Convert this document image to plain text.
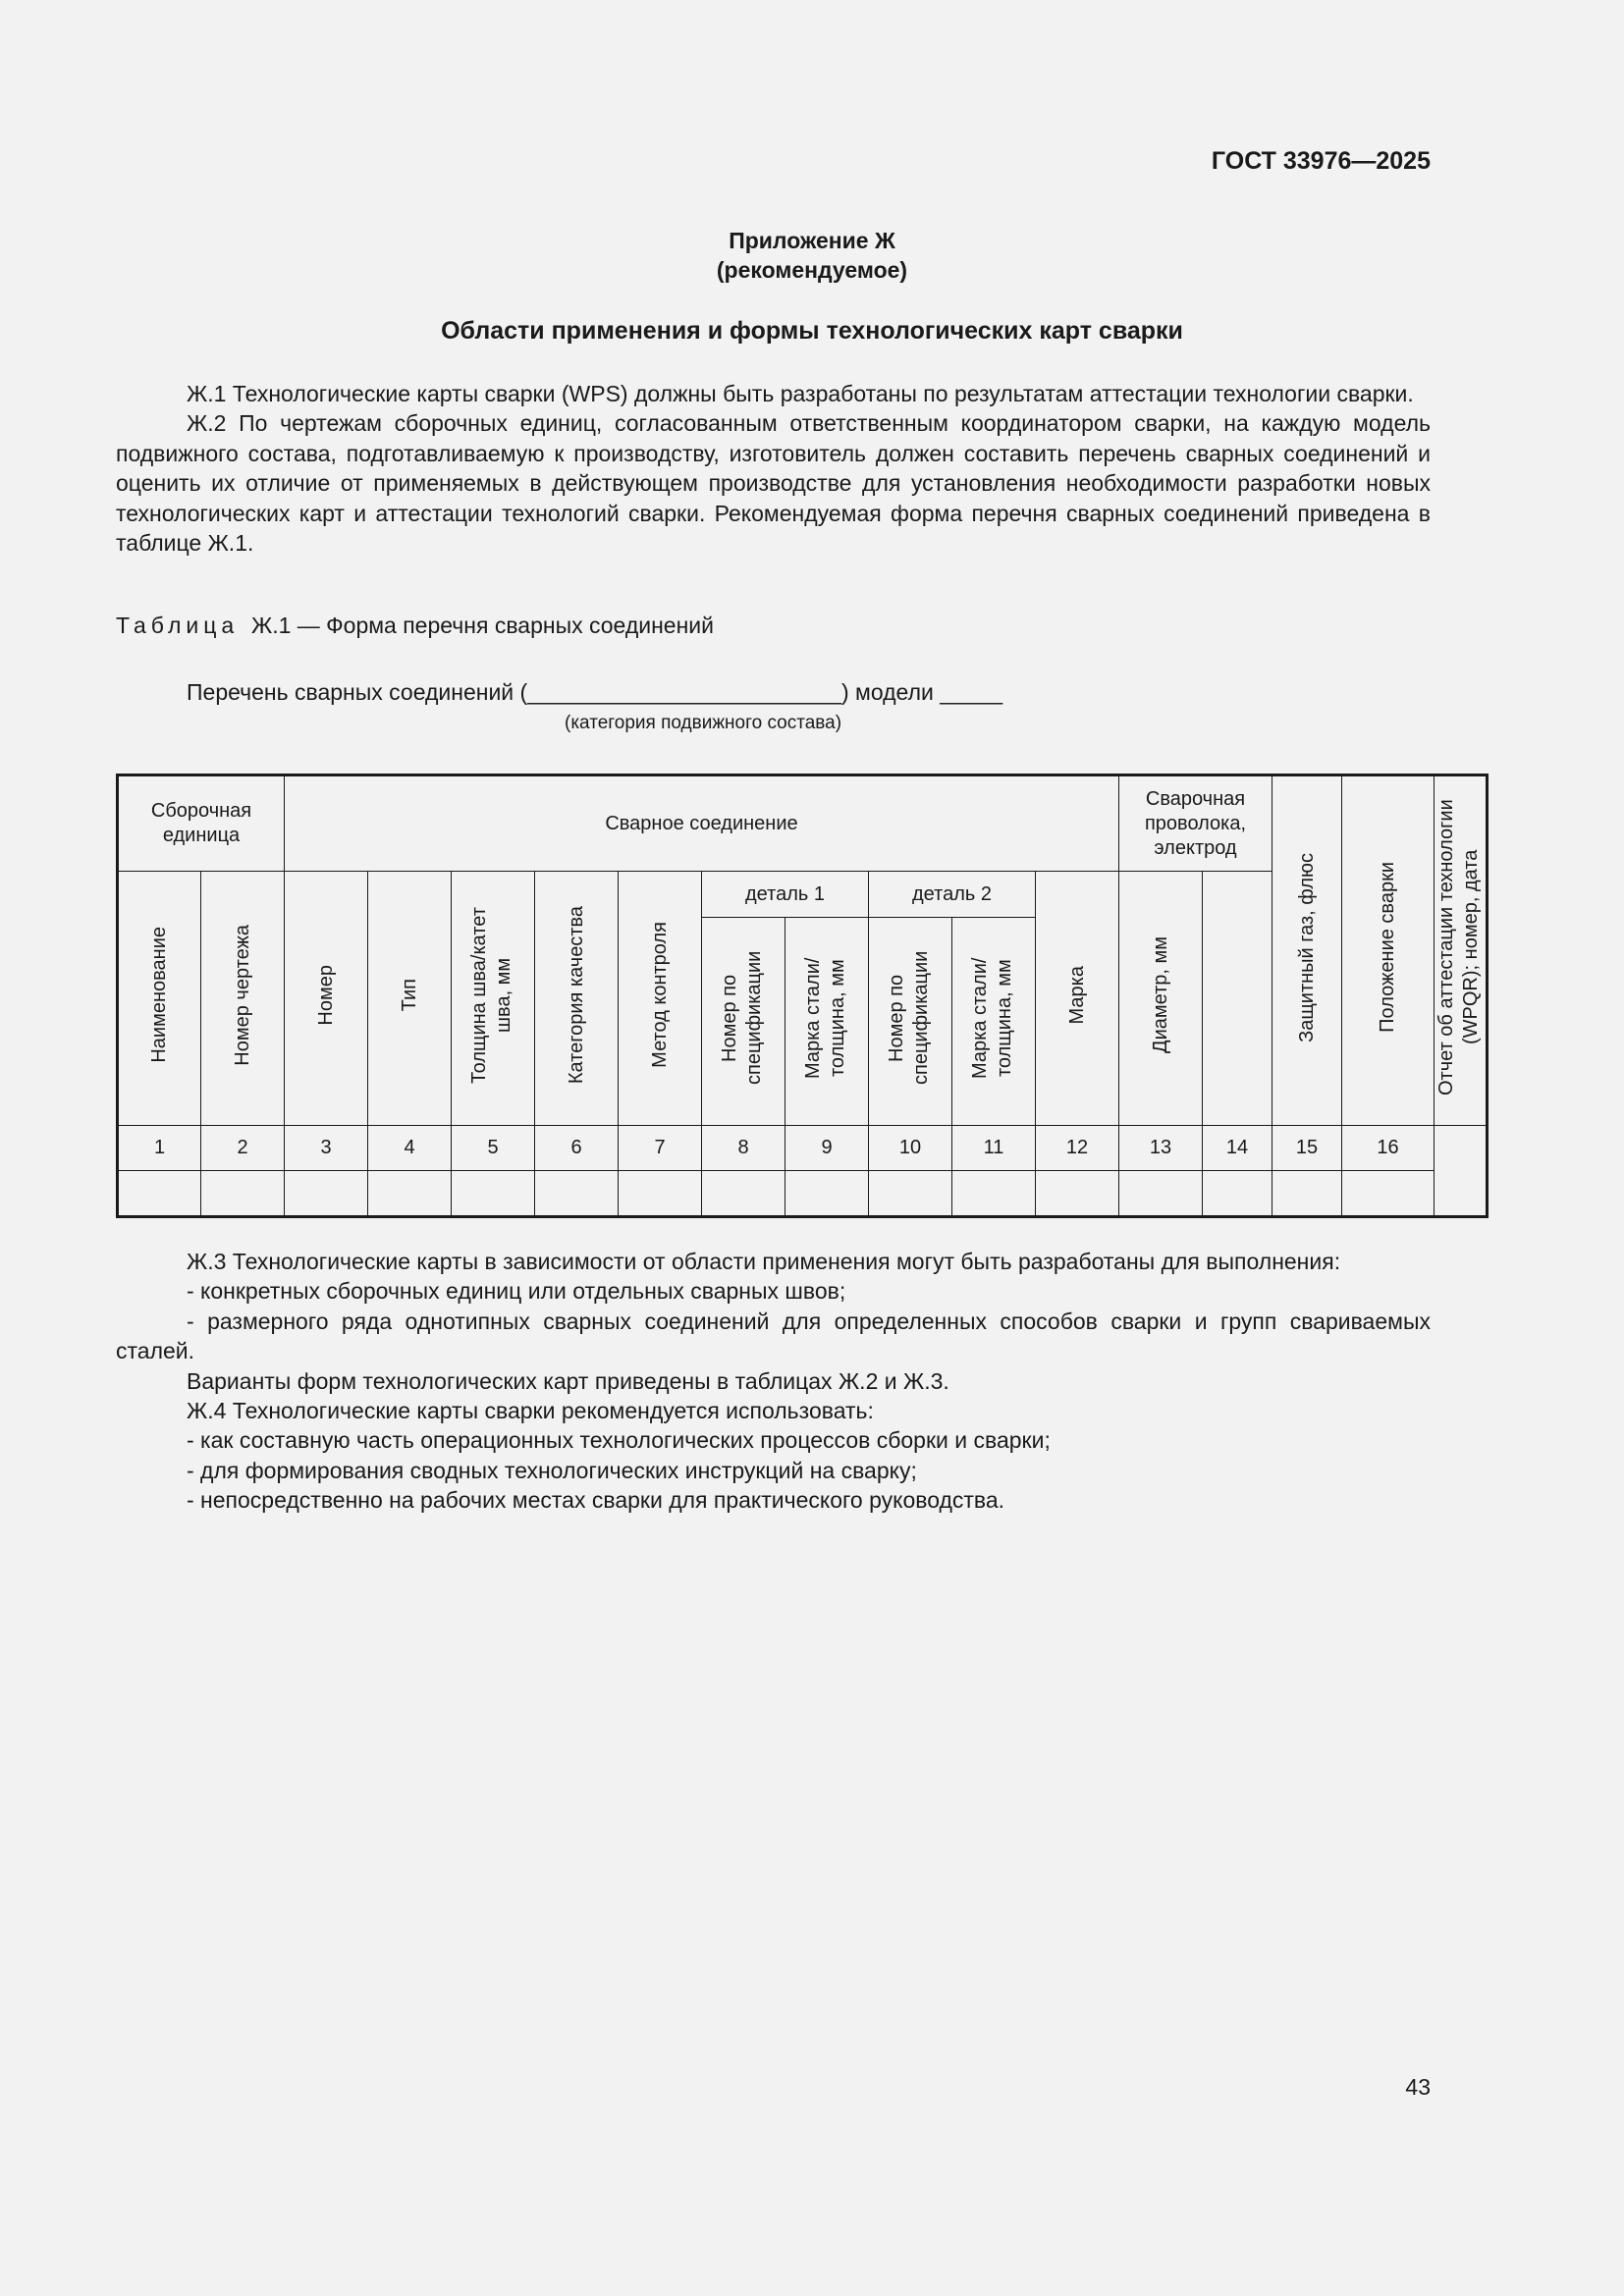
ГОСТ 33976—2025
Приложение Ж
(рекомендуемое)
Области применения и формы технологических карт сварки

Ж.1 Технологические карты сварки (WPS) должны быть разработаны по результатам аттестации технологии сварки.

Ж.2 По чертежам сборочных единиц, согласованным ответственным координатором сварки, на каждую модель подвижного состава, подготавливаемую к производству, изготовитель должен составить перечень сварных соединений и оценить их отличие от применяемых в действующем производстве для установления необходимости разработки новых технологических карт и аттестации технологий сварки. Рекомендуемая форма перечня сварных соединений приведена в таблице Ж.1.

Таблица Ж.1 — Форма перечня сварных соединений
Перечень сварных соединений (_________________________) модели _____
(категория подвижного состава)
Сборочная единица		Сварное соединение										Сварочная проволока, электрод		Защитный газ, флюс	Положение сварки	Отчет об аттестации технологии (WPQR); номер, дата
Наименование	Номер чертежа	Номер	Тип	Толщина шва/катет шва, мм	Категория качества	Метод контроля	деталь 1		деталь 2		Марка	Диаметр, мм				
							Номер по спецификации	Марка стали/толщина, мм	Номер по спецификации	Марка стали/толщина, мм						
1	2	3	4	5	6	7	8	9	10	11	12	13	14	15	16	

Ж.3 Технологические карты в зависимости от области применения могут быть разработаны для выполнения:

- конкретных сборочных единиц или отдельных сварных швов;

- размерного ряда однотипных сварных соединений для определенных способов сварки и групп свариваемых сталей.

Варианты форм технологических карт приведены в таблицах Ж.2 и Ж.3.

Ж.4 Технологические карты сварки рекомендуется использовать:

- как составную часть операционных технологических процессов сборки и сварки;

- для формирования сводных технологических инструкций на сварку;

- непосредственно на рабочих местах сварки для практического руководства.

43
